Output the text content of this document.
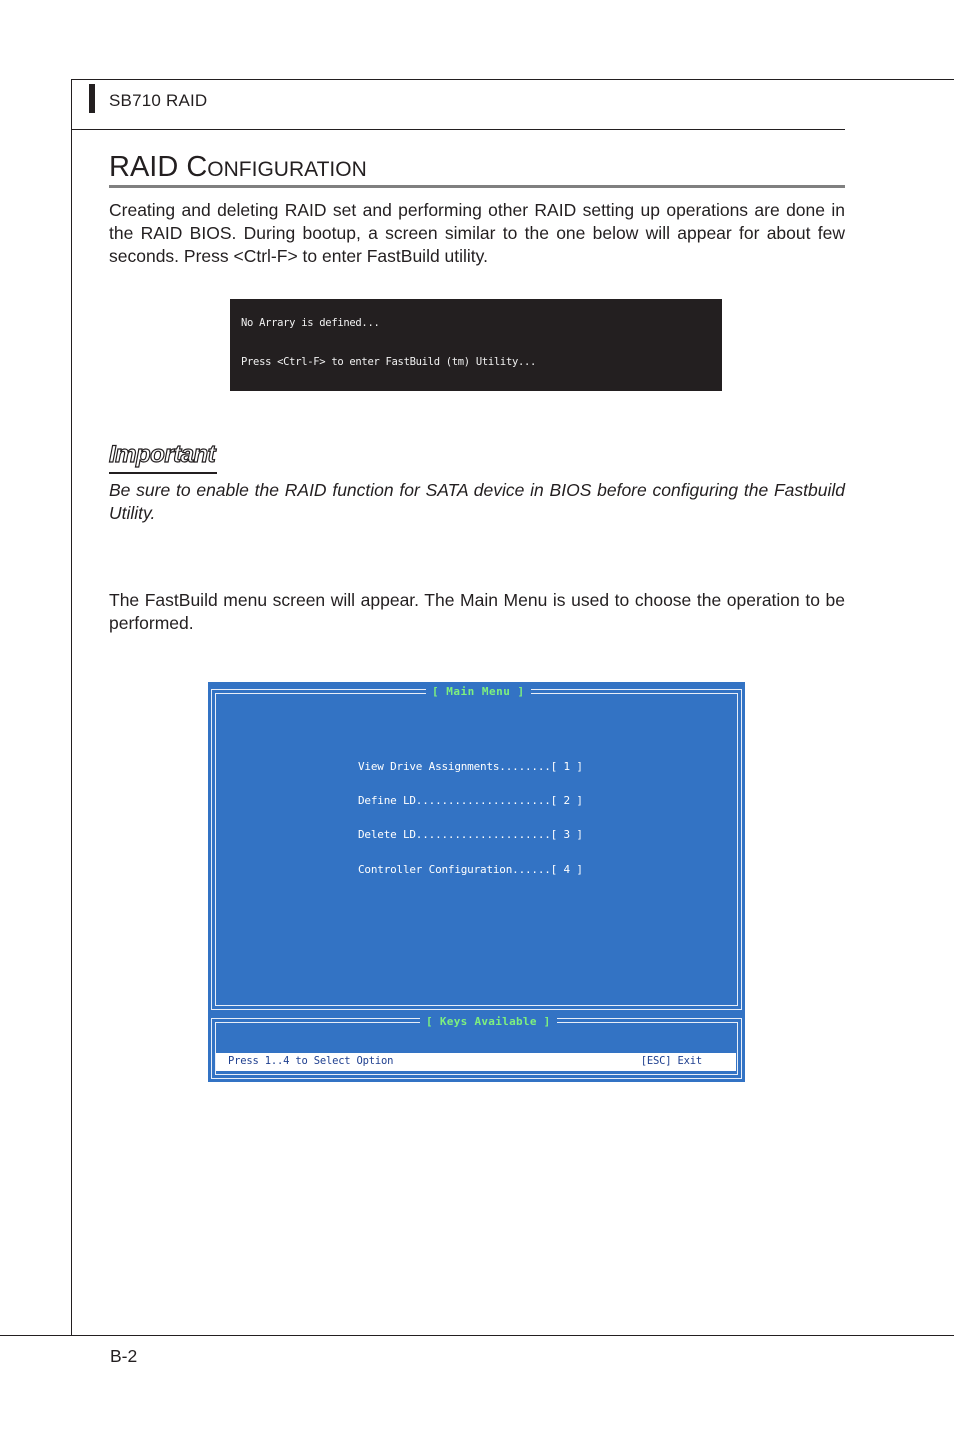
SB710 RAID
RAID CONFIGURATION
Creating and deleting RAID set and performing other RAID setting up operations are done in the RAID BIOS. During bootup, a screen similar to the one below will appear for about few seconds. Press <Ctrl-F> to enter FastBuild utility.
No Arrary is defined...
Press <Ctrl-F> to enter FastBuild (tm) Utility...
Important
Be sure to enable the RAID function for SATA device in BIOS before configuring the Fastbuild Utility.
The FastBuild menu screen will appear. The Main Menu is used to choose the operation to be performed.
[ Main Menu ]
View Drive Assignments........[ 1 ]
Define LD.....................[ 2 ]
Delete LD.....................[ 3 ]
Controller Configuration......[ 4 ]
[ Keys Available ]
Press 1..4 to Select Option	[ESC] Exit
B-2
